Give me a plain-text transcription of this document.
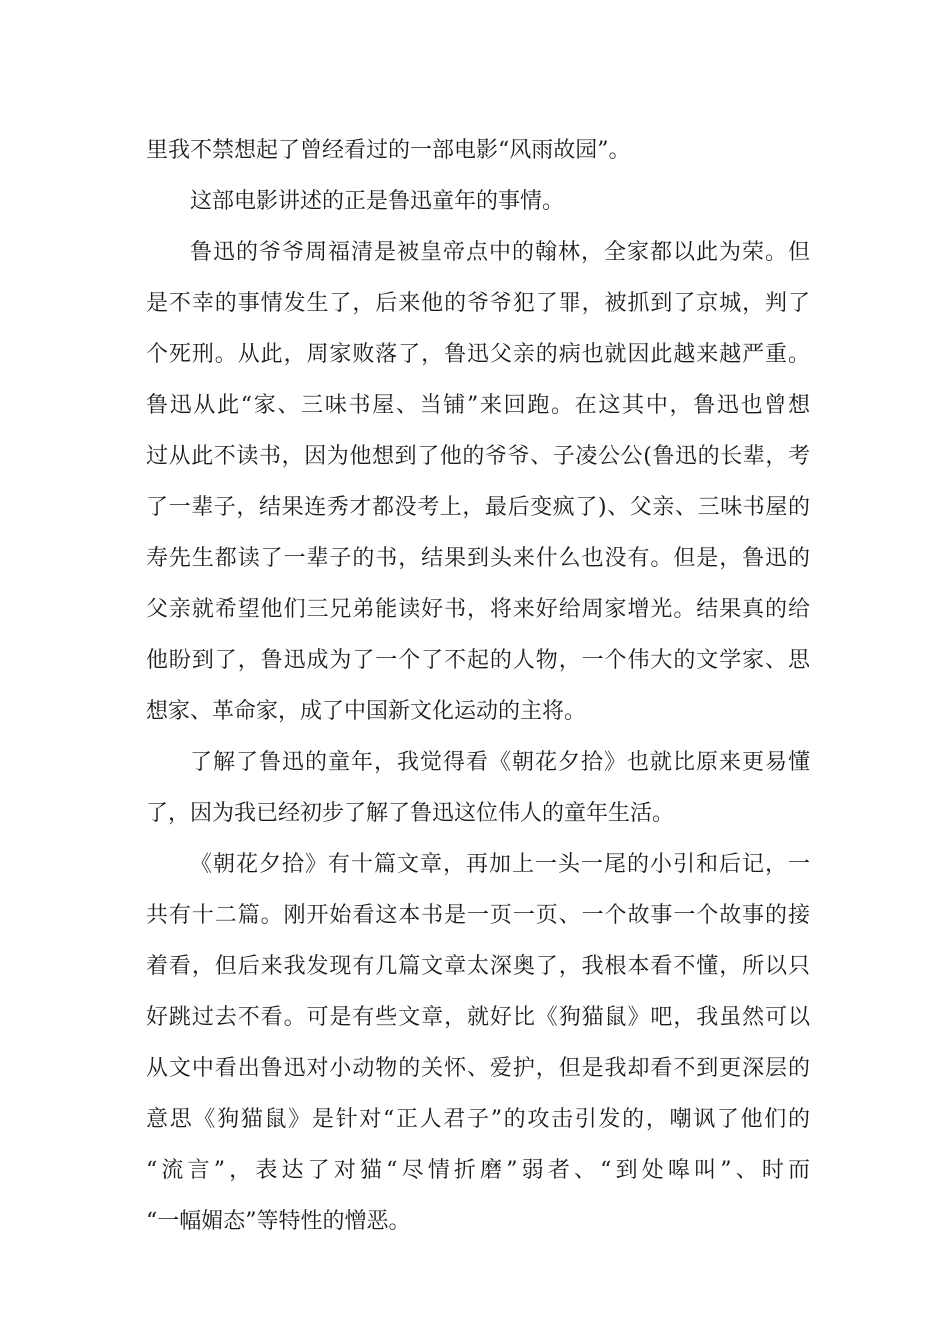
里我不禁想起了曾经看过的一部电影“风雨故园”。
这部电影讲述的正是鲁迅童年的事情。
鲁迅的爷爷周福清是被皇帝点中的翰林，全家都以此为荣。但
是不幸的事情发生了，后来他的爷爷犯了罪，被抓到了京城，判了
个死刑。从此，周家败落了，鲁迅父亲的病也就因此越来越严重。
鲁迅从此“家、三味书屋、当铺”来回跑。在这其中，鲁迅也曾想
过从此不读书，因为他想到了他的爷爷、子凌公公(鲁迅的长辈，考
了一辈子，结果连秀才都没考上，最后变疯了)、父亲、三味书屋的
寿先生都读了一辈子的书，结果到头来什么也没有。但是，鲁迅的
父亲就希望他们三兄弟能读好书，将来好给周家增光。结果真的给
他盼到了，鲁迅成为了一个了不起的人物，一个伟大的文学家、思
想家、革命家，成了中国新文化运动的主将。
了解了鲁迅的童年，我觉得看《朝花夕拾》也就比原来更易懂
了，因为我已经初步了解了鲁迅这位伟人的童年生活。
《朝花夕拾》有十篇文章，再加上一头一尾的小引和后记，一
共有十二篇。刚开始看这本书是一页一页、一个故事一个故事的接
着看，但后来我发现有几篇文章太深奥了，我根本看不懂，所以只
好跳过去不看。可是有些文章，就好比《狗猫鼠》吧，我虽然可以
从文中看出鲁迅对小动物的关怀、爱护，但是我却看不到更深层的
意思《狗猫鼠》是针对“正人君子”的攻击引发的，嘲讽了他们的
“流言”，表达了对猫“尽情折磨”弱者、“到处嗥叫”、时而
“一幅媚态”等特性的憎恶。
